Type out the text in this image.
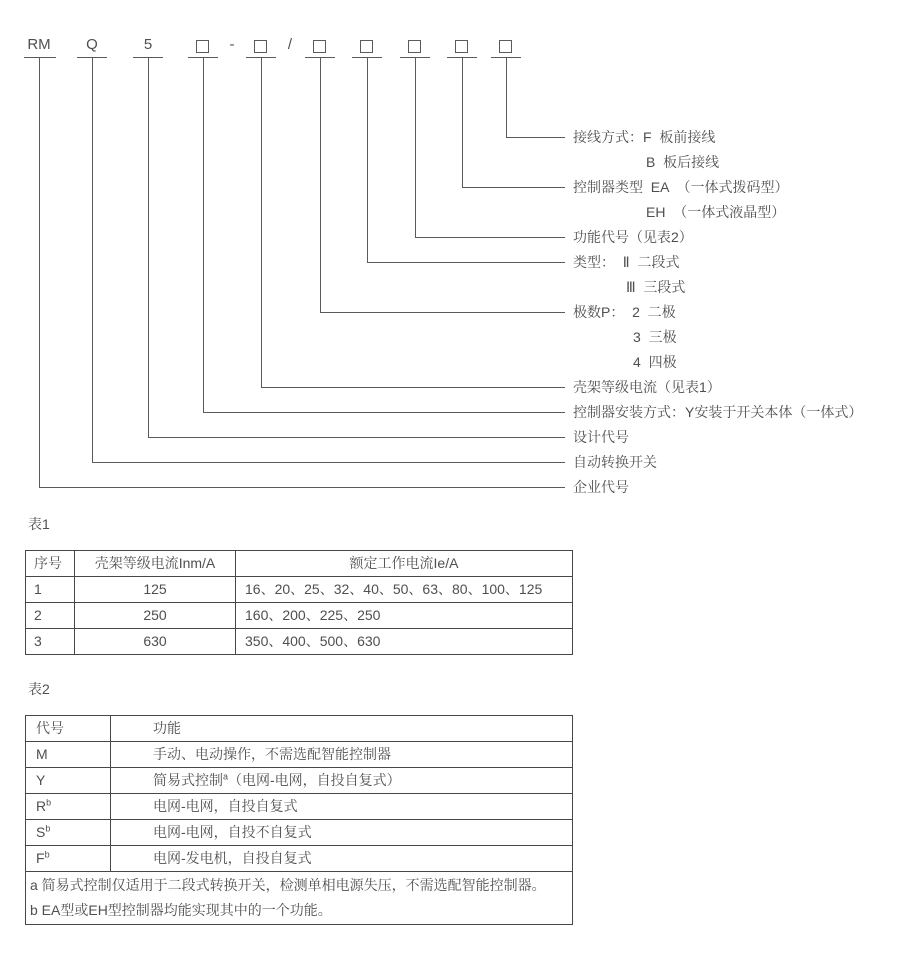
RM Q	5	-	/
接线方式：F  板前接线
B  板后接线
控制器类型  EA  （一体式拨码型）
EH  （一体式液晶型）
功能代号（见表2）
类型：  Ⅱ  二段式
Ⅲ  三段式
极数P：  2  二极
3  三极
4  四极
壳架等级电流（见表1）
控制器安装方式：Y安装于开关本体（一体式）
设计代号
自动转换开关
企业代号
表1
序号	壳架等级电流Inm/A	额定工作电流Ie/A
1	125	16、20、25、32、40、50、63、80、100、125
2	250	160、200、225、250
3	630	350、400、500、630
表2
代号	功能
M	手动、电动操作，不需选配智能控制器
Y	简易式控制$^a$（电网-电网，自投自复式）
$R^b$	电网-电网，自投自复式
$S^b$	电网-电网，自投不自复式
$F^b$	电网-发电机，自投自复式

a 简易式控制仅适用于二段式转换开关，检测单相电源失压，不需选配智能控制器。
b EA型或EH型控制器均能实现其中的一个功能。	
